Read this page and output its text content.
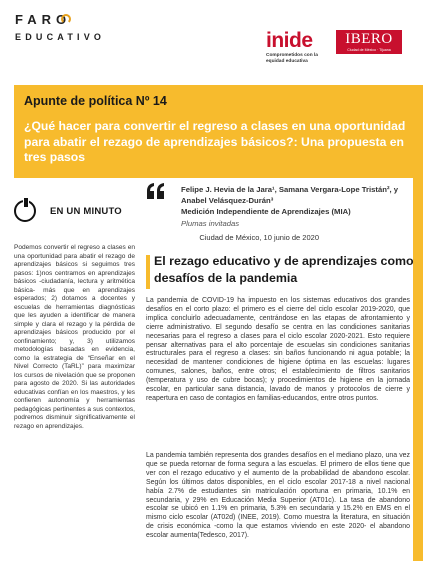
FARO
EDUCATIVO	inide
Comprometidos con la equidad educativa
IBERO
Ciudad de México · Tijuana
Apunte de política Nº 14
¿Qué hacer para convertir el regreso a clases en una oportunidad para abatir el rezago de aprendizajes básicos?: Una propuesta en tres pasos
Felipe J. Hevia de la Jara¹, Samana Vergara-Lope Tristán², y Anabel Velásquez-Durán³
Medición Independiente de Aprendizajes (MIA)
Plumas invitadas
Ciudad de México, 10 junio de 2020
EN UN MINUTO
Podemos convertir el regreso a clases en una oportunidad para abatir el rezago de aprendizajes básicos si seguimos tres pasos: 1)nos centramos en aprendizajes básicos -ciudadanía, lectura y aritmética básica- más que en aprendizajes esperados; 2) dotamos a docentes y escuelas de herramientas diagnósticas que les ayuden a identificar de manera simple y clara el rezago y la pérdida de aprendizajes básicos producido por el confinamiento; y, 3) utilizamos metodologías basadas en evidencia, como la estrategia de “Enseñar en el Nivel Correcto (TaRL)” para maximizar los cursos de nivelación que se proponen para agosto de 2020. Si las autoridades educativas confían en los maestros, y les confieren autonomía y herramientas pedagógicas pertinentes a sus contextos, podremos disminuir significativamente el rezago en aprendizajes.
El rezago educativo y de aprendizajes como desafíos de la pandemia
La pandemia de COVID-19 ha impuesto en los sistemas educativos dos grandes desafíos en el corto plazo: el primero es el cierre del ciclo escolar 2019-2020, que implica concluirlo adecuadamente, centrándose en las etapas de afrontamiento y cierre administrativo. El segundo desafío se centra en las condiciones sanitarias necesarias para el regreso a clases para el ciclo escolar 2020-2021. Esto requiere pensar alternativas para el alto porcentaje de escuelas sin condiciones sanitarias estructurales para el regreso a clases: sin baños funcionando ni agua potable; la necesidad de mantener condiciones de higiene óptima en las escuelas: lugares comunes, salones, baños, entre otros; el establecimiento de filtros sanitarios (temperatura y uso de cubre bocas); y procedimientos de higiene en la jornada escolar, en particular sana distancia, lavado de manos y protocolos de cierre y reapertura en caso de contagios en familias-educandos, entre otros puntos.
La pandemia también representa dos grandes desafíos en el mediano plazo, una vez que se pueda retornar de forma segura a las escuelas. El primero de ellos tiene que ver con el rezago educativo y el aumento de la probabilidad de abandono escolar. Según los últimos datos disponibles, en el ciclo escolar 2017-18 a nivel nacional había 2.7% de estudiantes sin matriculación oportuna en primaria, 10.1% en secundaria, y 29% en Educación Media Superior (AT01c). La tasa de abandono escolar se ubicó en 1.1% en primaria, 5.3% en secundaria y 15.2% en EMS en el mismo ciclo escolar (AT02d) (INEE, 2019). Como muestra la literatura, en situación de crisis económica -como la que estamos viviendo en este 2020- el abandono escolar aumenta(Tedesco, 2017).
